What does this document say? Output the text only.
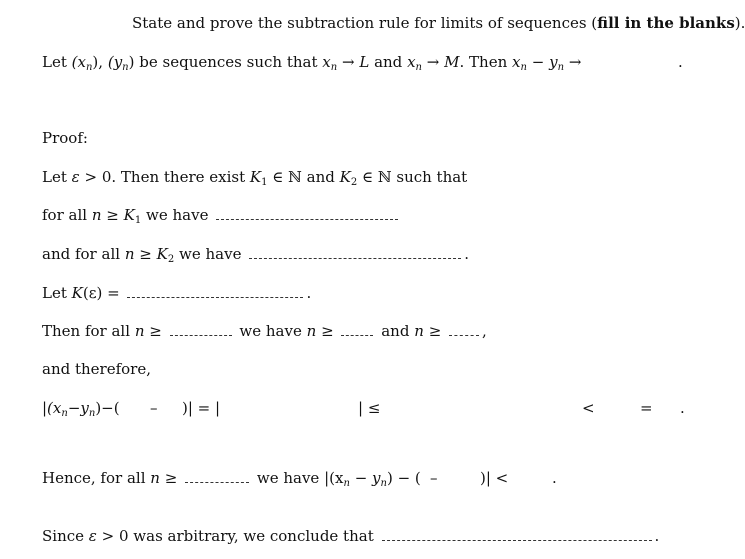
State and prove the subtraction rule for limits of sequences (fill in the blanks).
Let $(x_n)$, $(y_n)$ be sequences such that $x_n \to L$ and $x_n \to M$. Then $x_n - y_n$ →	.
Proof:
Let ε > 0. Then there exist $K_1$ ∈ ℕ and $K_2$ ∈ ℕ such that
for all $n \ge K_1$ we have
and for all $n \ge K_2$ we have	.
Let K(ε) =	.
Then for all n ≥	we have n ≥	and n ≥	,
and therefore,
$|(x_n-y_n)-$( – )| = |	| ≤	<	= .
Hence, for all n ≥	we have $|(x_n - y_n)$ − ( –	)| <	.
Since ε > 0 was arbitrary, we conclude that	.
